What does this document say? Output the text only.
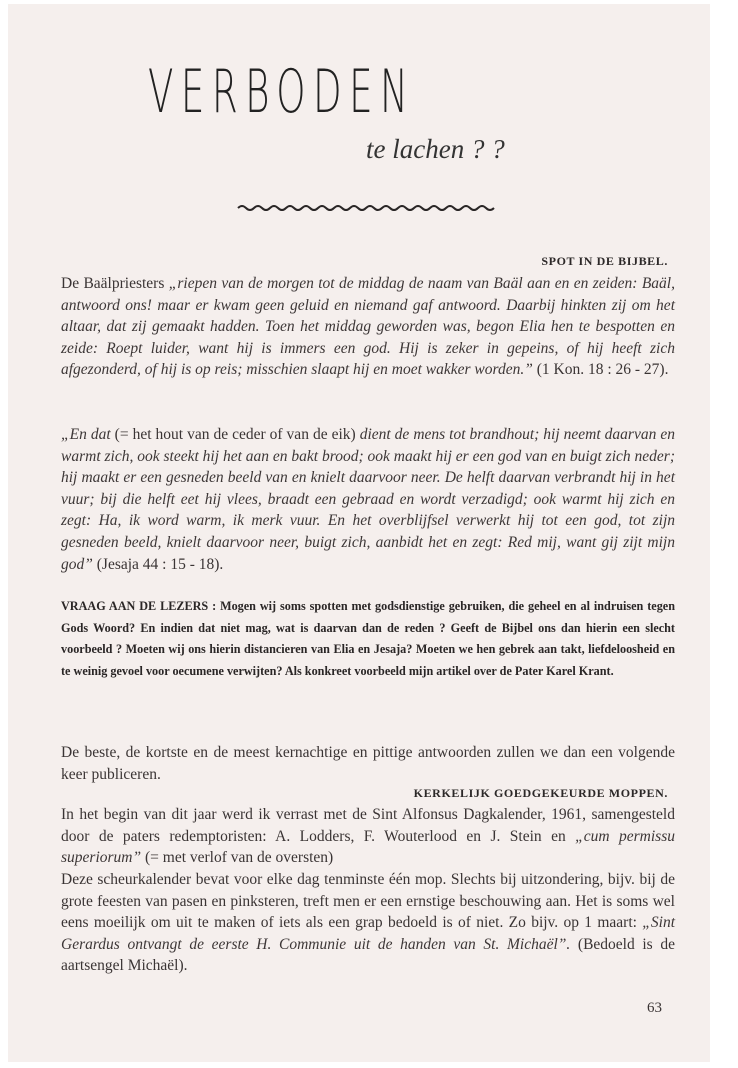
VERBODEN
te lachen ? ?
SPOT IN DE BIJBEL.
De Baälpriesters „riepen van de morgen tot de middag de naam van Baäl aan en en zeiden: Baäl, antwoord ons! maar er kwam geen geluid en niemand gaf antwoord. Daarbij hinkten zij om het altaar, dat zij gemaakt hadden. Toen het middag geworden was, begon Elia hen te bespotten en zeide: Roept luider, want hij is immers een god. Hij is zeker in gepeins, of hij heeft zich afgezonderd, of hij is op reis; misschien slaapt hij en moet wakker worden.” (1 Kon. 18 : 26 - 27).
„En dat (= het hout van de ceder of van de eik) dient de mens tot brandhout; hij neemt daarvan en warmt zich, ook steekt hij het aan en bakt brood; ook maakt hij er een god van en buigt zich neder; hij maakt er een gesneden beeld van en knielt daarvoor neer. De helft daarvan verbrandt hij in het vuur; bij die helft eet hij vlees, braadt een gebraad en wordt verzadigd; ook warmt hij zich en zegt: Ha, ik word warm, ik merk vuur. En het overblijfsel verwerkt hij tot een god, tot zijn gesneden beeld, knielt daarvoor neer, buigt zich, aanbidt het en zegt: Red mij, want gij zijt mijn god” (Jesaja 44 : 15 - 18).
VRAAG AAN DE LEZERS : Mogen wij soms spotten met godsdienstige gebruiken, die geheel en al indruisen tegen Gods Woord? En indien dat niet mag, wat is daarvan dan de reden ? Geeft de Bijbel ons dan hierin een slecht voorbeeld ? Moeten wij ons hierin distancieren van Elia en Jesaja? Moeten we hen gebrek aan takt, liefdeloosheid en te weinig gevoel voor oecumene verwijten? Als konkreet voorbeeld mijn artikel over de Pater Karel Krant.
De beste, de kortste en de meest kernachtige en pittige antwoorden zullen we dan een volgende keer publiceren.
KERKELIJK GOEDGEKEURDE MOPPEN.
In het begin van dit jaar werd ik verrast met de Sint Alfonsus Dagkalender, 1961, samengesteld door de paters redemptoristen: A. Lodders, F. Wouterlood en J. Stein en „cum permissu superiorum” (= met verlof van de oversten)
Deze scheurkalender bevat voor elke dag tenminste één mop. Slechts bij uitzondering, bijv. bij de grote feesten van pasen en pinksteren, treft men er een ernstige beschouwing aan. Het is soms wel eens moeilijk om uit te maken of iets als een grap bedoeld is of niet. Zo bijv. op 1 maart: „Sint Gerardus ontvangt de eerste H. Communie uit de handen van St. Michaël”. (Bedoeld is de aartsengel Michaël).
63
